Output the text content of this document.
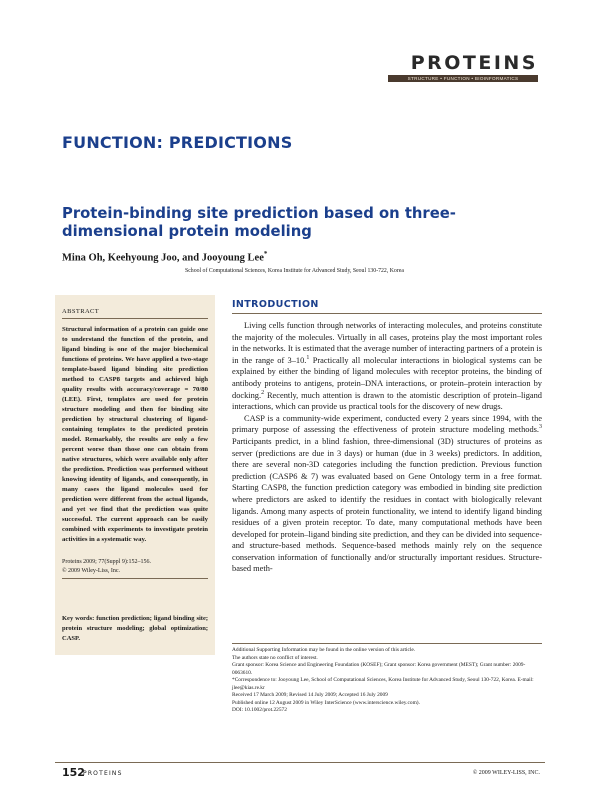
PROTEINS
STRUCTURE • FUNCTION • BIOINFORMATICS
FUNCTION: PREDICTIONS
Protein-binding site prediction based on three-dimensional protein modeling
Mina Oh, Keehyoung Joo, and Jooyoung Lee*
School of Computational Sciences, Korea Institute for Advanced Study, Seoul 130-722, Korea
ABSTRACT
Structural information of a protein can guide one to understand the function of the protein, and ligand binding is one of the major biochemical functions of proteins. We have applied a two-stage template-based ligand binding site prediction method to CASP8 targets and achieved high quality results with accuracy/coverage = 70/80 (LEE). First, templates are used for protein structure modeling and then for binding site prediction by structural clustering of ligand-containing templates to the predicted protein model. Remarkably, the results are only a few percent worse than those one can obtain from native structures, which were available only after the prediction. Prediction was performed without knowing identity of ligands, and consequently, in many cases the ligand molecules used for prediction were different from the actual ligands, and yet we find that the prediction was quite successful. The current approach can be easily combined with experiments to investigate protein activities in a systematic way.
Proteins 2009; 77(Suppl 9):152–156.
© 2009 Wiley-Liss, Inc.
Key words: function prediction; ligand binding site; protein structure modeling; global optimization; CASP.
INTRODUCTION

Living cells function through networks of interacting molecules, and proteins constitute the majority of the molecules. Virtually in all cases, proteins play the most important roles in the networks. It is estimated that the average number of interacting partners of a protein is in the range of 3–10.$^1$ Practically all molecular interactions in biological systems can be explained by either the binding of ligand molecules with receptor proteins, the binding of antibody proteins to antigens, protein–DNA interactions, or protein–protein interaction by docking.$^2$ Recently, much attention is drawn to the atomistic description of protein–ligand interactions, which can provide us practical tools for the discovery of new drugs.

CASP is a community-wide experiment, conducted every 2 years since 1994, with the primary purpose of assessing the effectiveness of protein structure modeling methods.$^3$ Participants predict, in a blind fashion, three-dimensional (3D) structures of proteins as server (predictions are due in 3 days) or human (due in 3 weeks) predictors. In addition, there are several non-3D categories including the function prediction. Previous function prediction (CASP6 & 7) was evaluated based on Gene Ontology term in a free format. Starting CASP8, the function prediction category was embodied in binding site prediction where predictors are asked to identify the residues in contact with biologically relevant ligands. Among many aspects of protein functionality, we intend to identify ligand binding residues of a given protein receptor. To date, many computational methods have been developed for protein–ligand binding site prediction, and they can be divided into sequence- and structure-based methods. Sequence-based methods mainly rely on the sequence conservation information of functionally and/or structurally important residues. Structure-based meth-

Additional Supporting Information may be found in the online version of this article.
The authors state no conflict of interest.
Grant sponsor: Korea Science and Engineering Foundation (KOSEF); Grant sponsor: Korea government (MEST); Grant number: 2009-0063610.
*Correspondence to: Jooyoung Lee, School of Computational Sciences, Korea Institute for Advanced Study, Seoul 130-722, Korea. E-mail: jlee@kias.re.kr
Received 17 March 2009; Revised 14 July 2009; Accepted 16 July 2009
Published online 12 August 2009 in Wiley InterScience (www.interscience.wiley.com).
DOI: 10.1002/prot.22572
152
PROTEINS	© 2009 WILEY-LISS, INC.
